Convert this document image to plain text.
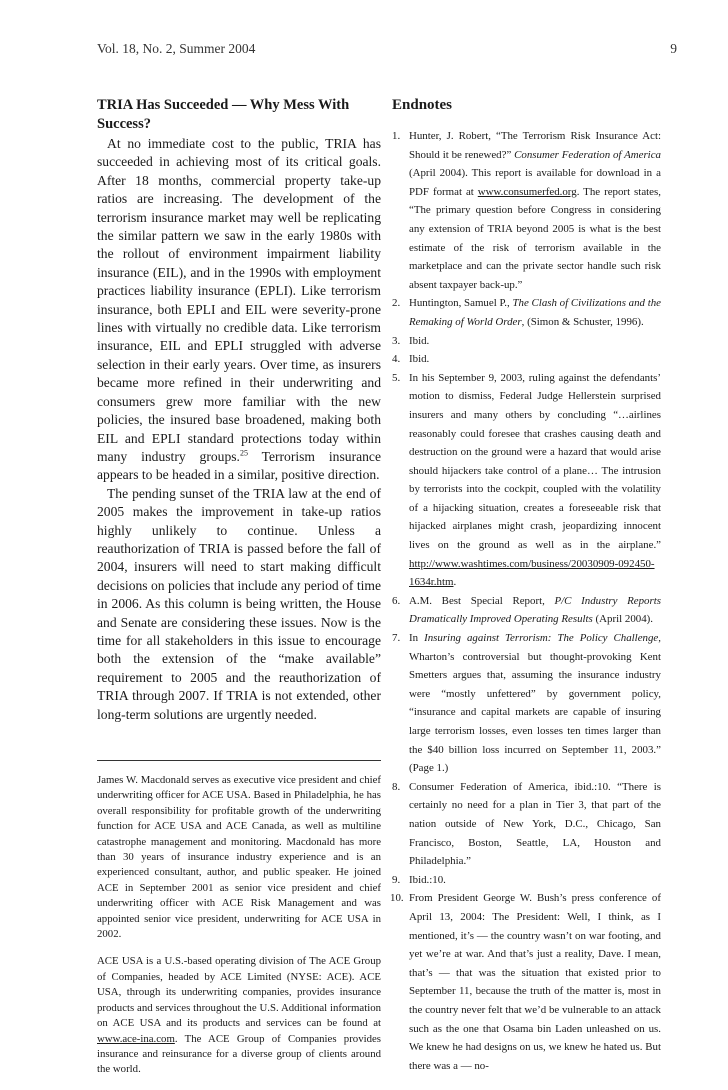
Vol. 18, No. 2, Summer 2004	9
TRIA Has Succeeded — Why Mess With Success?

At no immediate cost to the public, TRIA has succeeded in achieving most of its critical goals. After 18 months, commercial property take-up ratios are increasing. The development of the terrorism insurance market may well be replicating the similar pattern we saw in the early 1980s with the rollout of environment impairment liability insurance (EIL), and in the 1990s with employment practices liability insurance (EPLI). Like terrorism insurance, both EPLI and EIL were severity-prone lines with virtually no credible data. Like terrorism insurance, EIL and EPLI struggled with adverse selection in their early years. Over time, as insurers became more refined in their underwriting and consumers grew more familiar with the new policies, the insured base broadened, making both EIL and EPLI standard protections today within many industry groups.$^{25}$ Terrorism insurance appears to be headed in a similar, positive direction.

The pending sunset of the TRIA law at the end of 2005 makes the improvement in take-up ratios highly unlikely to continue. Unless a reauthorization of TRIA is passed before the fall of 2004, insurers will need to start making difficult decisions on policies that include any period of time in 2006. As this column is being written, the House and Senate are considering these issues. Now is the time for all stakeholders in this issue to encourage both the extension of the “make available” requirement to 2005 and the reauthorization of TRIA through 2007. If TRIA is not extended, other long-term solutions are urgently needed.

James W. Macdonald serves as executive vice president and chief underwriting officer for ACE USA. Based in Philadelphia, he has overall responsibility for profitable growth of the underwriting function for ACE USA and ACE Canada, as well as multiline catastrophe management and monitoring. Macdonald has more than 30 years of insurance industry experience and is an experienced consultant, author, and public speaker. He joined ACE in September 2001 as senior vice president and chief underwriting officer with ACE Risk Management and was appointed senior vice president, underwriting for ACE USA in 2002.

ACE USA is a U.S.-based operating division of The ACE Group of Companies, headed by ACE Limited (NYSE: ACE). ACE USA, through its underwriting companies, provides insurance products and services throughout the U.S. Additional information on ACE USA and its products and services can be found at www.ace-ina.com. The ACE Group of Companies provides insurance and reinsurance for a diverse group of clients around the world.

Endnotes
1. Hunter, J. Robert, “The Terrorism Risk Insurance Act: Should it be renewed?” Consumer Federation of America (April 2004). This report is available for download in a PDF format at www.consumerfed.org. The report states, “The primary question before Congress in considering any extension of TRIA beyond 2005 is what is the best estimate of the risk of terrorism available in the marketplace and can the private sector handle such risk absent taxpayer back-up.”
2. Huntington, Samuel P., The Clash of Civilizations and the Remaking of World Order, (Simon & Schuster, 1996).
3. Ibid.
4. Ibid.
5. In his September 9, 2003, ruling against the defendants’ motion to dismiss, Federal Judge Hellerstein surprised insurers and many others by concluding “…airlines reasonably could foresee that crashes causing death and destruction on the ground were a hazard that would arise should hijackers take control of a plane… The intrusion by terrorists into the cockpit, coupled with the volatility of a hijacking situation, creates a foreseeable risk that hijacked airplanes might crash, jeopardizing innocent lives on the ground as well as in the airplane.” http://www.washtimes.com/business/20030909-092450-1634r.htm.
6. A.M. Best Special Report, P/C Industry Reports Dramatically Improved Operating Results (April 2004).
7. In Insuring against Terrorism: The Policy Challenge, Wharton’s controversial but thought-provoking Kent Smetters argues that, assuming the insurance industry were “mostly unfettered” by government policy, “insurance and capital markets are capable of insuring large terrorism losses, even losses ten times larger than the $40 billion loss incurred on September 11, 2003.” (Page 1.)
8. Consumer Federation of America, ibid.:10. “There is certainly no need for a plan in Tier 3, that part of the nation outside of New York, D.C., Chicago, San Francisco, Boston, Seattle, LA, Houston and Philadelphia.”
9. Ibid.:10.
10. From President George W. Bush’s press conference of April 13, 2004: The President: Well, I think, as I mentioned, it’s — the country wasn’t on war footing, and yet we’re at war. And that’s just a reality, Dave. I mean, that’s — that was the situation that existed prior to September 11, because the truth of the matter is, most in the country never felt that we’d be vulnerable to an attack such as the one that Osama bin Laden unleashed on us. We knew he had designs on us, we knew he hated us. But there was a — no-
